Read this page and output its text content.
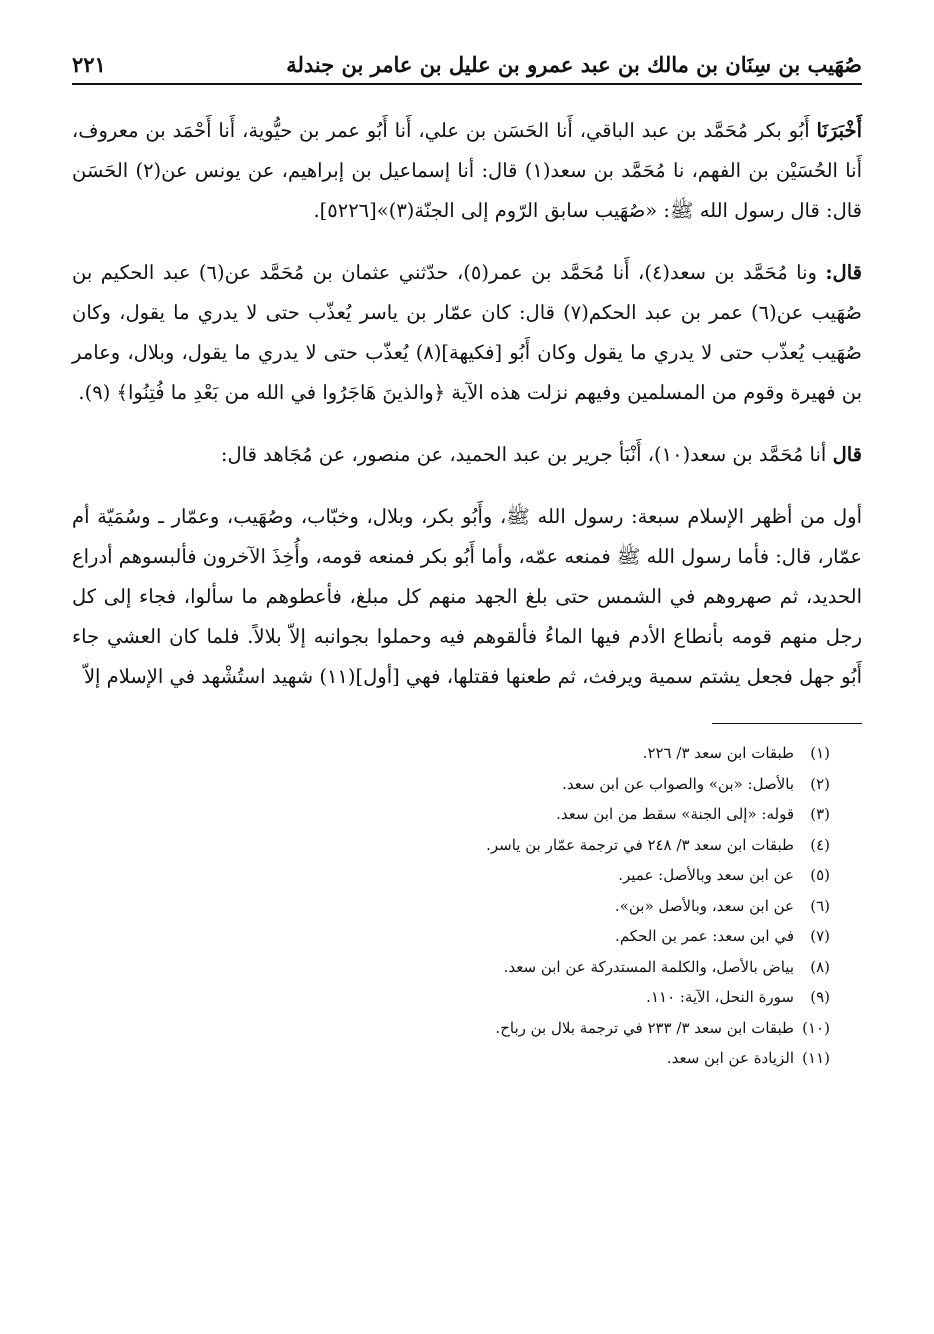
صُهَيب بن سِنَان بن مالك بن عبد عمرو بن عليل بن عامر بن جندلة
٢٢١

أَخْبَرَنَا أَبُو بكر مُحَمَّد بن عبد الباقي، أَنا الحَسَن بن علي، أَنا أَبُو عمر بن حيُّوية، أَنا أَحْمَد بن معروف، أَنا الحُسَيْن بن الفهم، نا مُحَمَّد بن سعد(١) قال: أنا إسماعيل بن إبراهيم، عن يونس عن(٢) الحَسَن قال: قال رسول الله ﷺ: «صُهَيب سابق الرّوم إلى الجنّة(٣)»[٥٢٢٦].

قال: ونا مُحَمَّد بن سعد(٤)، أَنا مُحَمَّد بن عمر(٥)، حدّثني عثمان بن مُحَمَّد عن(٦) عبد الحكيم بن صُهَيب عن(٦) عمر بن عبد الحكم(٧) قال: كان عمّار بن ياسر يُعذّب حتى لا يدري ما يقول، وكان صُهَيب يُعذّب حتى لا يدري ما يقول وكان أَبُو [فكيهة](٨) يُعذّب حتى لا يدري ما يقول، وبلال، وعامر بن فهيرة وقوم من المسلمين وفيهم نزلت هذه الآية ﴿والذينَ هَاجَرُوا في الله من بَعْدِ ما فُتِنُوا﴾ (٩).

قال أنا مُحَمَّد بن سعد(١٠)، أَنْبَأ جرير بن عبد الحميد، عن منصور، عن مُجَاهد قال:

أول من أظهر الإسلام سبعة: رسول الله ﷺ، وأَبُو بكر، وبلال، وخبّاب، وصُهَيب، وعمّار ـ وسُمَيّة أم عمّار، قال: فأما رسول الله ﷺ فمنعه عمّه، وأما أَبُو بكر فمنعه قومه، وأُخِذَ الآخرون فألبسوهم أدراع الحديد، ثم صهروهم في الشمس حتى بلغ الجهد منهم كل مبلغ، فأعطوهم ما سألوا، فجاء إلى كل رجل منهم قومه بأنطاع الأدم فيها الماءُ فألقوهم فيه وحملوا بجوانبه إلاّ بلالاً. فلما كان العشي جاء أَبُو جهل فجعل يشتم سمية ويرفث، ثم طعنها فقتلها، فهي [أول](١١) شهيد استُشْهد في الإسلام إلاّ

(١)طبقات ابن سعد ٣/ ٢٢٦.
(٢)بالأصل: «بن» والصواب عن ابن سعد.
(٣)قوله: «إلى الجنة» سقط من ابن سعد.
(٤)طبقات ابن سعد ٣/ ٢٤٨ في ترجمة عمّار بن ياسر.
(٥)عن ابن سعد وبالأصل: عمير.
(٦)عن ابن سعد، وبالأصل «بن».
(٧)في ابن سعد: عمر بن الحكم.
(٨)بياض بالأصل، والكلمة المستدركة عن ابن سعد.
(٩)سورة النحل، الآية: ١١٠.
(١٠)طبقات ابن سعد ٣/ ٢٣٣ في ترجمة بلال بن رباح.
(١١)الزيادة عن ابن سعد.
